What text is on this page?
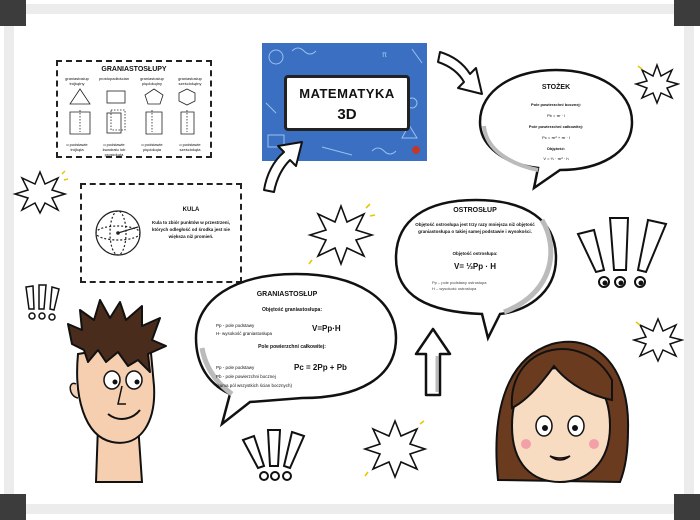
GRANIASTOSŁUPY
graniastosłup trójkątny
prostopadłościan	graniastosłup pięciokątny
graniastosłup sześciokątny
o podstawie trójkąta
o podstawie kwadratu lub prostokąta
o podstawie pięciokąta
o podstawie sześciokąta
π
MATEMATYKA
3D
STOŻEK
Pole powierzchni bocznej:
Pb = πr · l
Pole powierzchni całkowitej:
Pc = πr² + πr · l
Objętość:
V = ⅓ · πr² · h
KULA
Kula to zbiór punktów w przestrzeni, których odległość od środka jest nie większa niż promień.
OSTROSŁUP
Objętość ostrosłupa jest trzy razy mniejsza niż objętość graniastosłupa o takiej samej podstawie i wysokości.
Objętość ostrosłupa:
V= ⅓Pp · H
Pp – pole podstawy ostrosłupa
H – wysokość ostrosłupa
GRANIASTOSŁUP
Objętość graniastosłupa:
Pp - pole podstawy
H- wysokość graniastosłupa
V=Pp·H
Pole powierzchni całkowitej:
Pp - pole podstawy	Pc = 2Pp + Pb
Pb - pole powierzchni bocznej
(suma pól wszystkich ścian bocznych)
